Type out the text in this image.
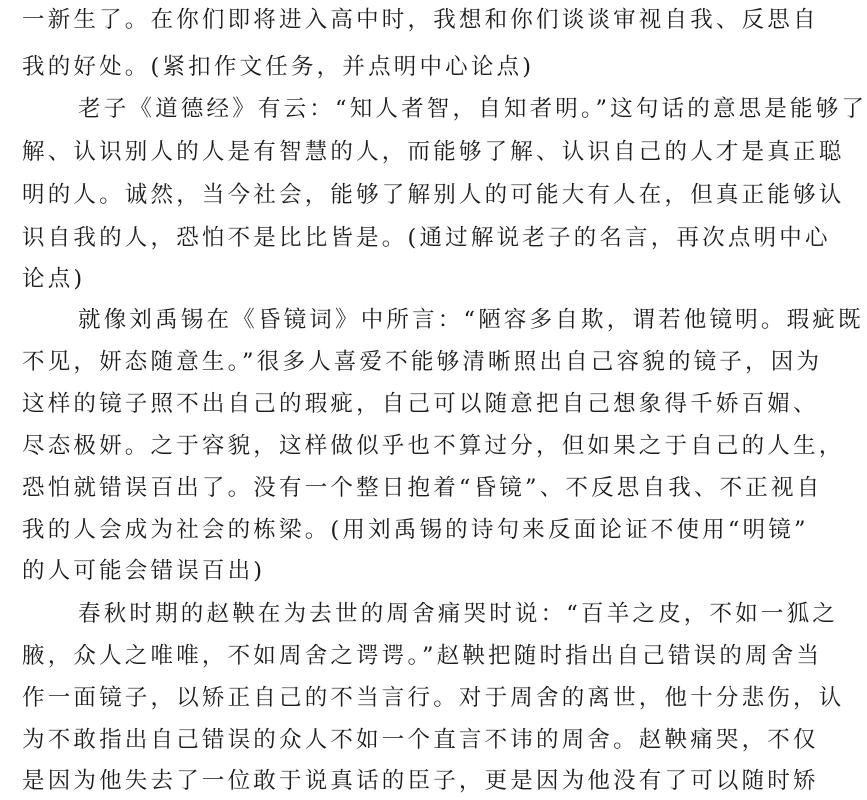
一新生了。在你们即将进入高中时，我想和你们谈谈审视自我、反思自
我的好处。(紧扣作文任务，并点明中心论点)
老子《道德经》有云：“知人者智，自知者明。”这句话的意思是能够了
解、认识别人的人是有智慧的人，而能够了解、认识自己的人才是真正聪
明的人。诚然，当今社会，能够了解别人的可能大有人在，但真正能够认
识自我的人，恐怕不是比比皆是。(通过解说老子的名言，再次点明中心
论点)
就像刘禹锡在《昏镜词》中所言：“陋容多自欺，谓若他镜明。瑕疵既
不见，妍态随意生。”很多人喜爱不能够清晰照出自己容貌的镜子，因为
这样的镜子照不出自己的瑕疵，自己可以随意把自己想象得千娇百媚、
尽态极妍。之于容貌，这样做似乎也不算过分，但如果之于自己的人生，
恐怕就错误百出了。没有一个整日抱着“昏镜”、不反思自我、不正视自
我的人会成为社会的栋梁。(用刘禹锡的诗句来反面论证不使用“明镜”
的人可能会错误百出)
春秋时期的赵鞅在为去世的周舍痛哭时说：“百羊之皮，不如一狐之
腋，众人之唯唯，不如周舍之谔谔。”赵鞅把随时指出自己错误的周舍当
作一面镜子，以矫正自己的不当言行。对于周舍的离世，他十分悲伤，认
为不敢指出自己错误的众人不如一个直言不讳的周舍。赵鞅痛哭，不仅
是因为他失去了一位敢于说真话的臣子，更是因为他没有了可以随时矫
